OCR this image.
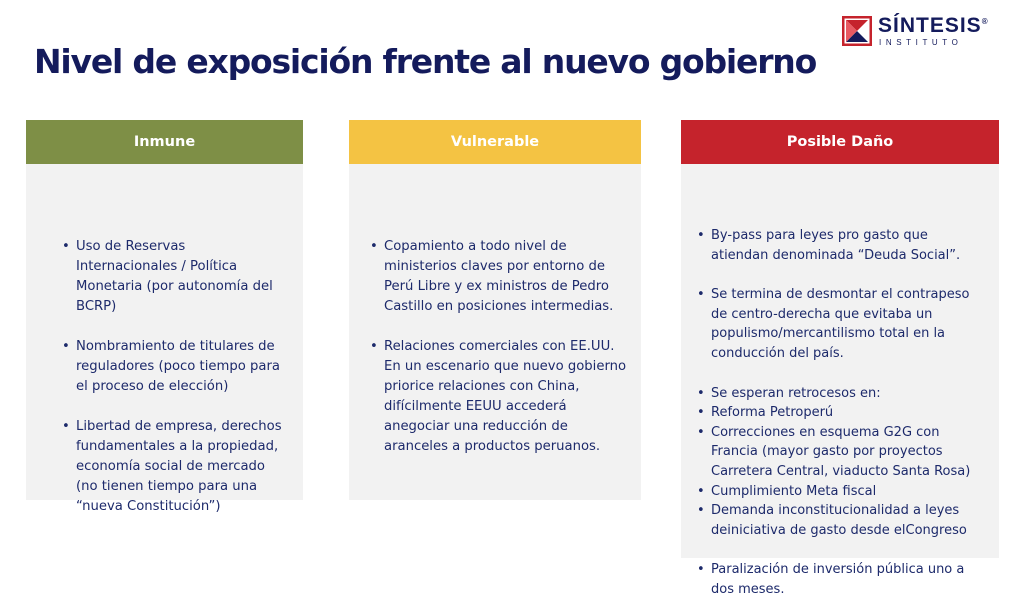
Nivel de exposición frente al nuevo gobierno
SÍNTESIS®
INSTITUTO
Inmune
• Uso de Reservas Internacionales / Política Monetaria (por autonomía del BCRP)
• Nombramiento de titulares de reguladores (poco tiempo para el proceso de elección)
• Libertad de empresa, derechos fundamentales a la propiedad, economía social de mercado (no tienen tiempo para una “nueva Constitución”)
Vulnerable
• Copamiento a todo nivel de ministerios claves por entorno de Perú Libre y ex ministros de Pedro Castillo en posiciones intermedias.
• Relaciones comerciales con EE.UU. En un escenario que nuevo gobierno priorice relaciones con China, difícilmente EEUU accederá anegociar una reducción de aranceles a productos peruanos.
Posible Daño
• By-pass para leyes pro gasto que atiendan denominada “Deuda Social”.
• Se termina de desmontar el contrapeso de centro-derecha que evitaba un populismo/mercantilismo total en la conducción del país.
• Se esperan retrocesos en:
• Reforma Petroperú
• Correcciones en esquema G2G con Francia (mayor gasto por proyectos Carretera Central, viaducto Santa Rosa)
• Cumplimiento Meta fiscal
• Demanda inconstitucionalidad a leyes deiniciativa de gasto desde elCongreso
• Paralización de inversión pública uno a dos meses.
